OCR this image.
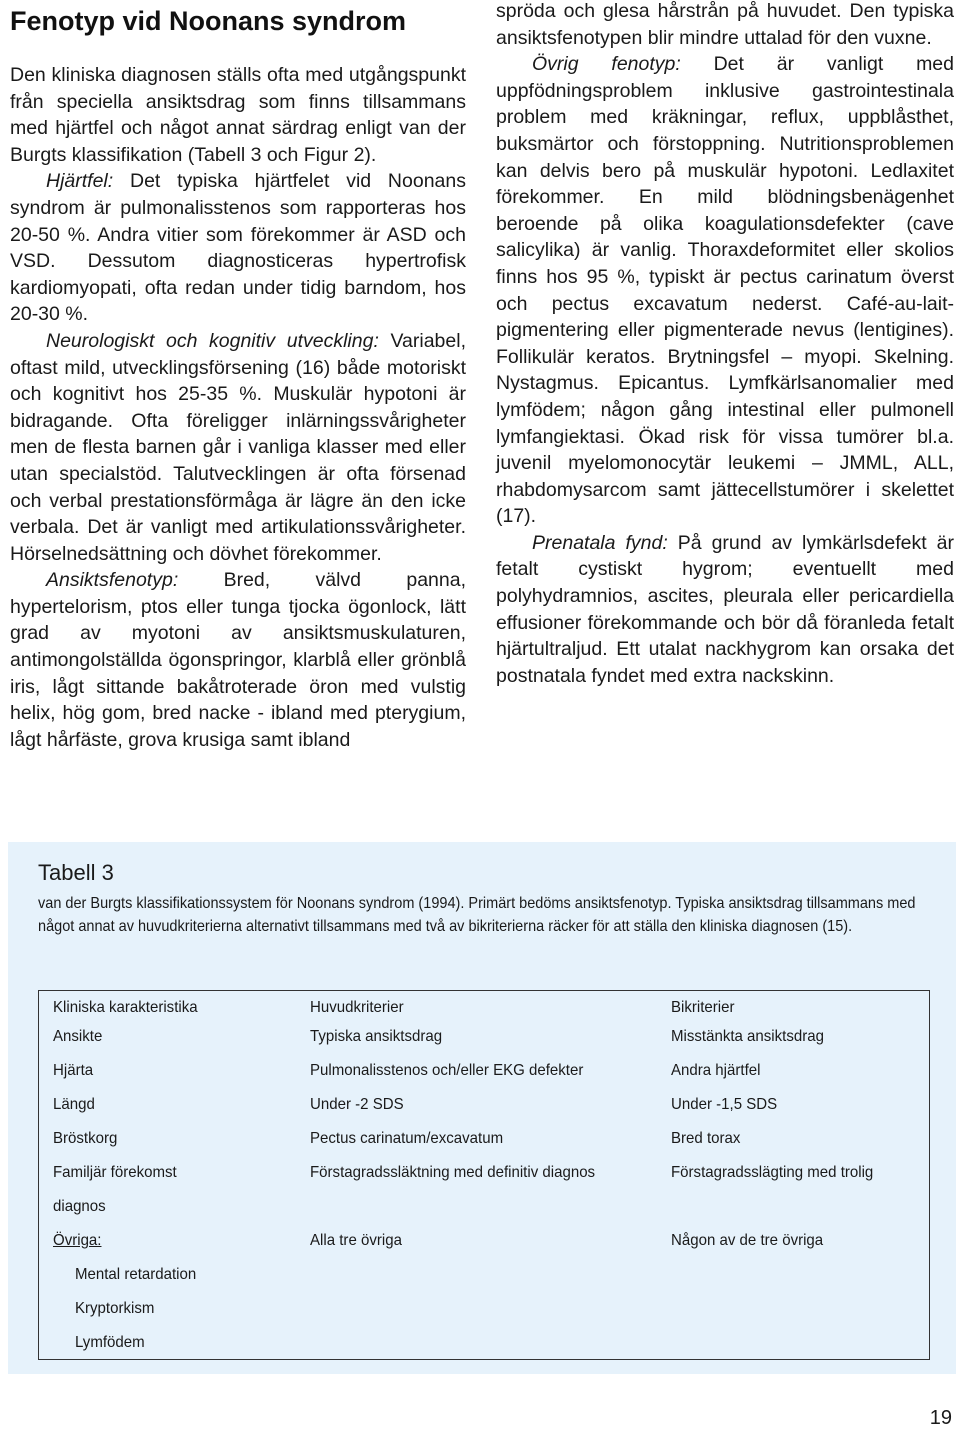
Fenotyp vid Noonans syndrom

Den kliniska diagnosen ställs ofta med utgångspunkt från speciella ansiktsdrag som finns tillsammans med hjärtfel och något annat särdrag enligt van der Burgts klassifikation (Tabell 3 och Figur 2).

Hjärtfel: Det typiska hjärtfelet vid Noonans syndrom är pulmonalisstenos som rapporteras hos 20-50 %. Andra vitier som förekommer är ASD och VSD. Dessutom diagnosticeras hypertrofisk kardiomyopati, ofta redan under tidig barndom, hos 20-30 %.

Neurologiskt och kognitiv utveckling: Variabel, oftast mild, utvecklingsförsening (16) både motoriskt och kognitivt hos 25-35 %. Muskulär hypotoni är bidragande. Ofta föreligger inlärningssvårigheter men de flesta barnen går i vanliga klasser med eller utan specialstöd. Talutvecklingen är ofta försenad och verbal prestationsförmåga är lägre än den icke verbala. Det är vanligt med artikulationssvårigheter. Hörselnedsättning och dövhet förekommer.

Ansiktsfenotyp: Bred, välvd panna, hypertelorism, ptos eller tunga tjocka ögonlock, lätt grad av myotoni av ansiktsmuskulaturen, antimongolställda ögonspringor, klarblå eller grönblå iris, lågt sittande bakåtroterade öron med vulstig helix, hög gom, bred nacke - ibland med pterygium, lågt hårfäste, grova krusiga samt ibland

spröda och glesa hårstrån på huvudet. Den typiska ansiktsfenotypen blir mindre uttalad för den vuxne.

Övrig fenotyp: Det är vanligt med uppfödningsproblem inklusive gastrointestinala problem med kräkningar, reflux, uppblåsthet, buksmärtor och förstoppning. Nutritionsproblemen kan delvis bero på muskulär hypotoni. Ledlaxitet förekommer. En mild blödningsbenägenhet beroende på olika koagulationsdefekter (cave salicylika) är vanlig. Thoraxdeformitet eller skolios finns hos 95 %, typiskt är pectus carinatum överst och pectus excavatum nederst. Café-au-lait-pigmentering eller pigmenterade nevus (lentigines). Follikulär keratos. Brytningsfel – myopi. Skelning. Nystagmus. Epicantus. Lymfkärlsanomalier med lymfödem; någon gång intestinal eller pulmonell lymfangiektasi. Ökad risk för vissa tumörer bl.a. juvenil myelomonocytär leukemi – JMML, ALL, rhabdomysarcom samt jättecellstumörer i skelettet (17).

Prenatala fynd: På grund av lymkärlsdefekt är fetalt cystiskt hygrom; eventuellt med polyhydramnios, ascites, pleurala eller pericardiella effusioner förekommande och bör då föranleda fetalt hjärtultraljud. Ett utalat nackhygrom kan orsaka det postnatala fyndet med extra nackskinn.

Tabell 3
van der Burgts klassifikationssystem för Noonans syndrom (1994). Primärt bedöms ansiktsfenotyp. Typiska ansiktsdrag tillsammans med något annat av huvudkriterierna alternativt tillsammans med två av bikriterierna räcker för att ställa den kliniska diagnosen (15).
Kliniska karakteristika	Huvudkriterier	Bikriterier
Ansikte	Typiska ansiktsdrag	Misstänkta ansiktsdrag
Hjärta	Pulmonalisstenos och/eller EKG defekter	Andra hjärtfel
Längd	Under -2 SDS	Under -1,5 SDS
Bröstkorg	Pectus carinatum/excavatum	Bred torax
Familjär förekomst	Förstagradssläktning med definitiv diagnos	Förstagradsslägting med trolig
diagnos
Övriga:	Alla tre övriga	Någon av de tre övriga
Mental retardation
Kryptorkism
Lymfödem
19
